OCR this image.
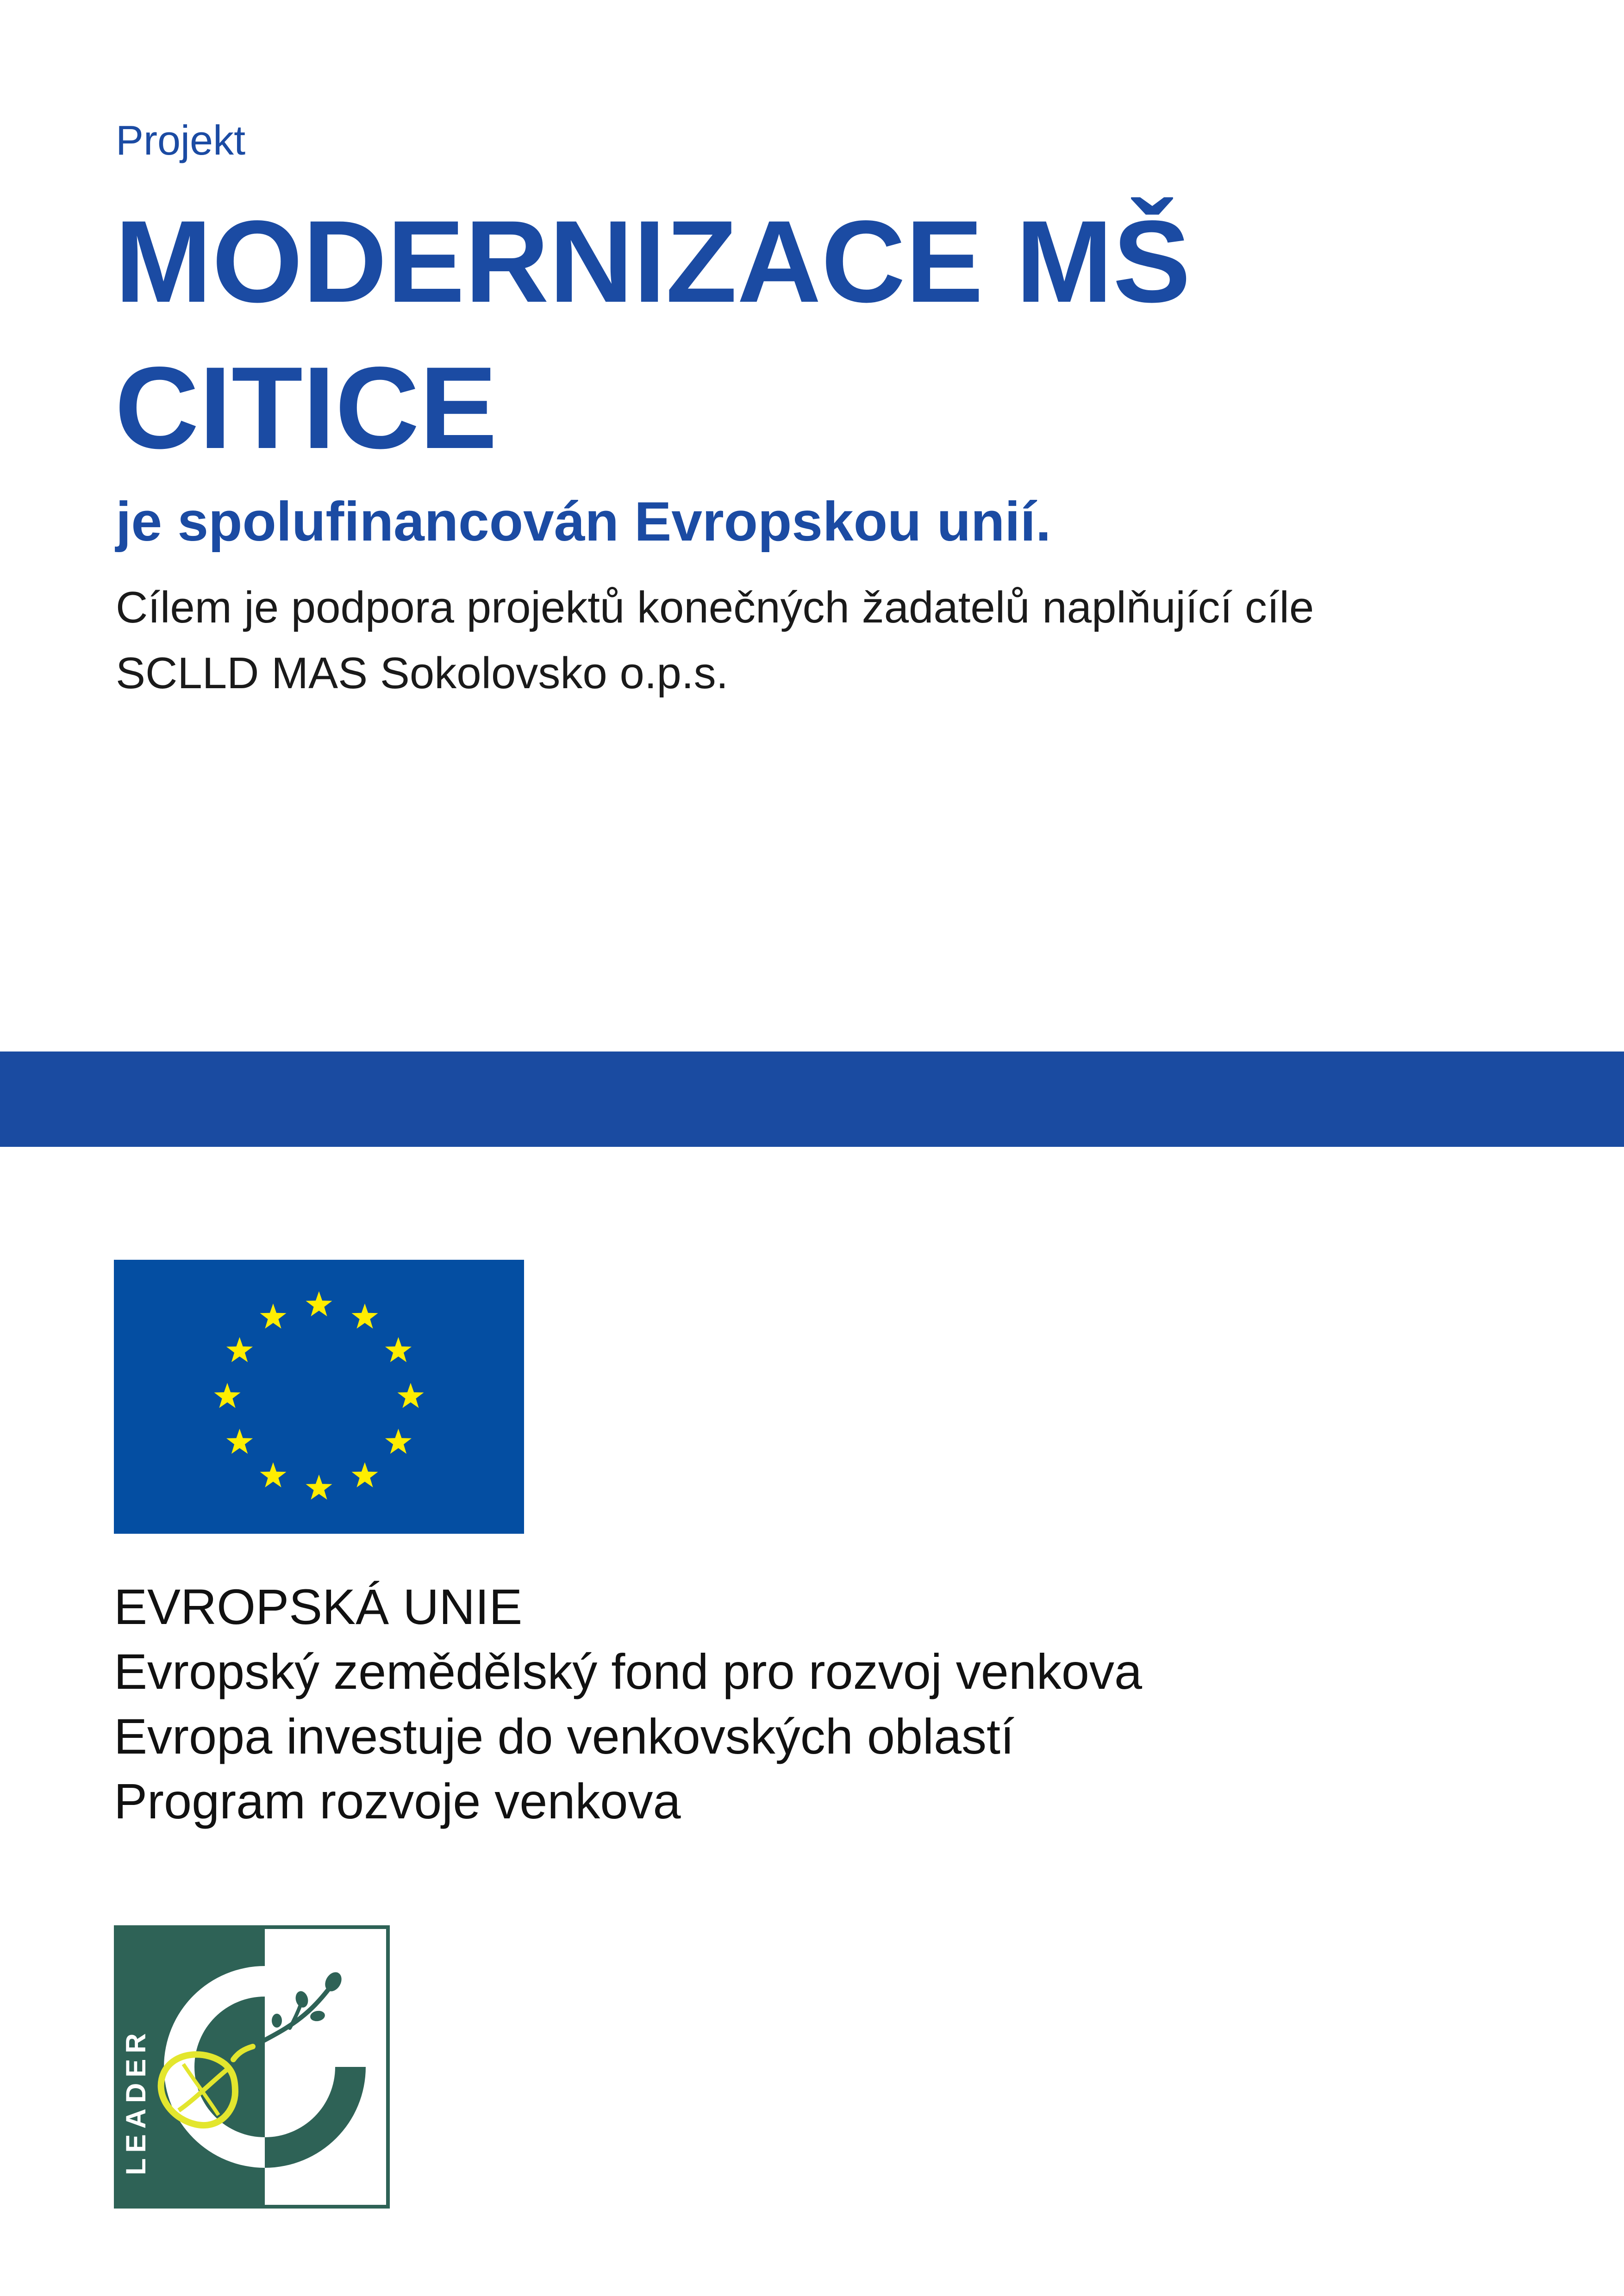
Projekt
MODERNIZACE MŠ
CITICE
je spolufinancován Evropskou unií.
Cílem je podpora projektů konečných žadatelů naplňující cíle
SCLLD MAS Sokolovsko o.p.s.
EVROPSKÁ UNIE
Evropský zemědělský fond pro rozvoj venkova
Evropa investuje do venkovských oblastí
Program rozvoje venkova
LEADER
